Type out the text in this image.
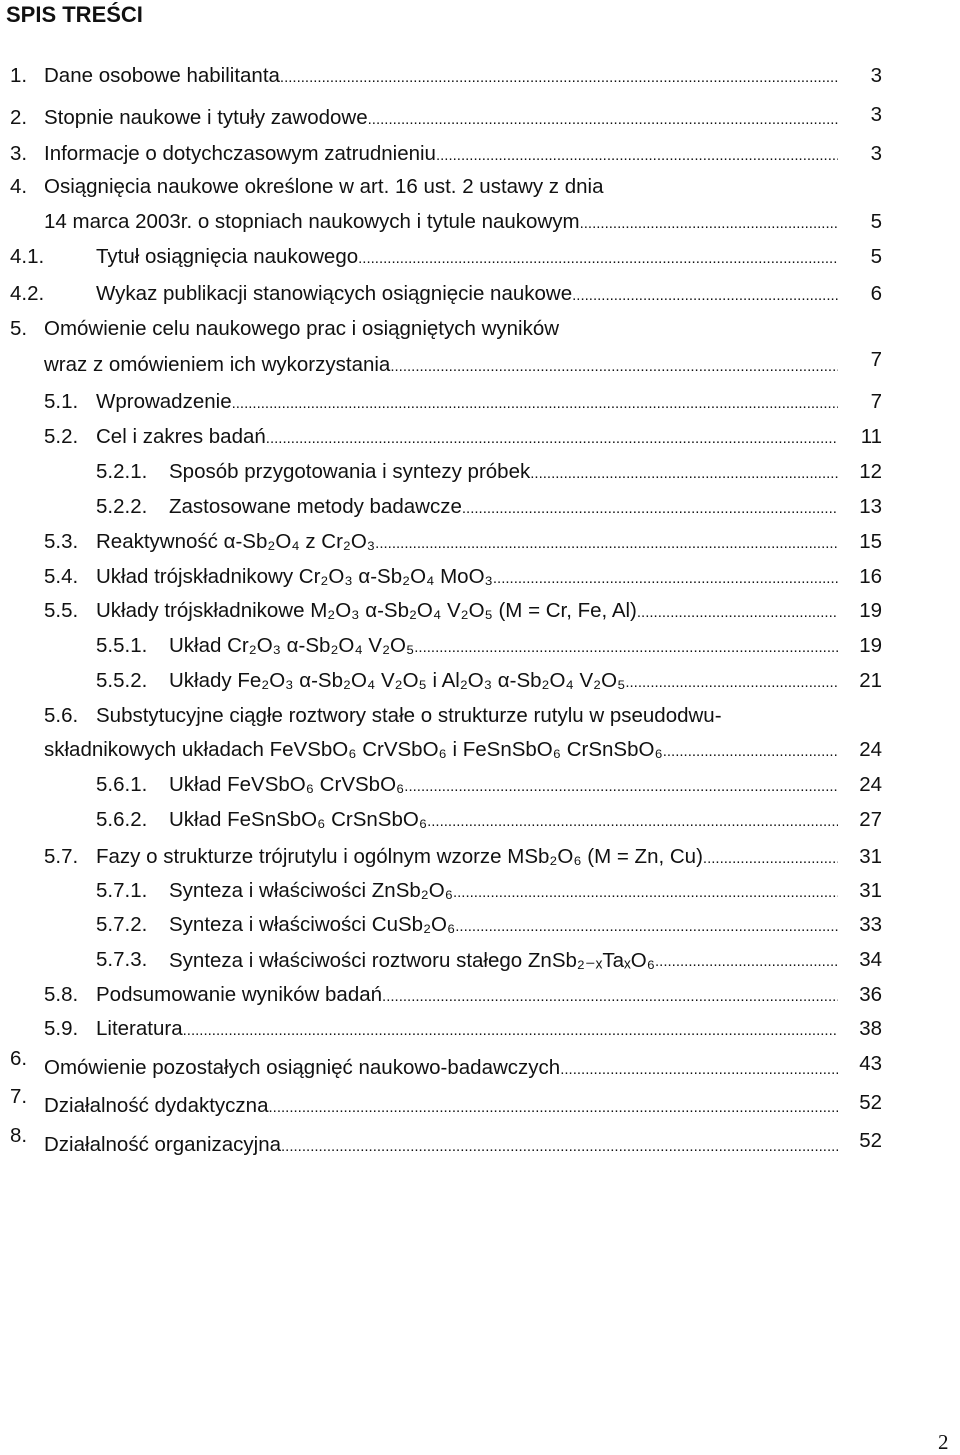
SPIS TREŚCI
1. Dane osobowe habilitanta .....	3
2. Stopnie naukowe i tytuły zawodowe .....	3
3. Informacje o dotychczasowym zatrudnieniu .....	3
4. Osiągnięcia naukowe określone w art. 16 ust. 2 ustawy z dnia
14 marca 2003r. o stopniach naukowych i tytule naukowym .....	5
4.1.	Tytuł osiągnięcia naukowego .....	5
4.2.	Wykaz publikacji stanowiących osiągnięcie naukowe .....	6
5. Omówienie celu naukowego prac i osiągniętych wyników
wraz z omówieniem ich wykorzystania .....	7
5.1. Wprowadzenie .....	7
5.2. Cel i zakres badań .....	11
5.2.1. Sposób przygotowania i syntezy próbek .....	12
5.2.2. Zastosowane metody badawcze .....	13
5.3. Reaktywność α-Sb₂O₄ z Cr₂O₃ .....	15
5.4. Układ trójskładnikowy Cr₂O₃ α-Sb₂O₄ MoO₃ .....	16
5.5. Układy trójskładnikowe M₂O₃ α-Sb₂O₄ V₂O₅ (M = Cr, Fe, Al) .....	19
5.5.1. Układ Cr₂O₃ α-Sb₂O₄ V₂O₅ .....	19
5.5.2. Układy Fe₂O₃ α-Sb₂O₄ V₂O₅ i Al₂O₃ α-Sb₂O₄ V₂O₅ .....	21
5.6. Substytucyjne ciągłe roztwory stałe o strukturze rutylu w pseudodwu-
składnikowych układach FeVSbO₆ CrVSbO₆ i FeSnSbO₆ CrSnSbO₆ .....	24
5.6.1. Układ FeVSbO₆ CrVSbO₆ .....	24
5.6.2. Układ FeSnSbO₆ CrSnSbO₆ .....	27
5.7. Fazy o strukturze trójrutylu i ogólnym wzorze MSb₂O₆ (M = Zn, Cu) .....	31
5.7.1. Synteza i właściwości ZnSb₂O₆ .....	31
5.7.2. Synteza i właściwości CuSb₂O₆ .....	33
5.7.3. Synteza i właściwości roztworu stałego ZnSb₂₋ₓTaₓO₆ .....	34
5.8. Podsumowanie wyników badań .....	36
5.9. Literatura .....	38
6. Omówienie pozostałych osiągnięć naukowo-badawczych .....	43
7. Działalność dydaktyczna .....	52
8. Działalność organizacyjna .....	52
2
